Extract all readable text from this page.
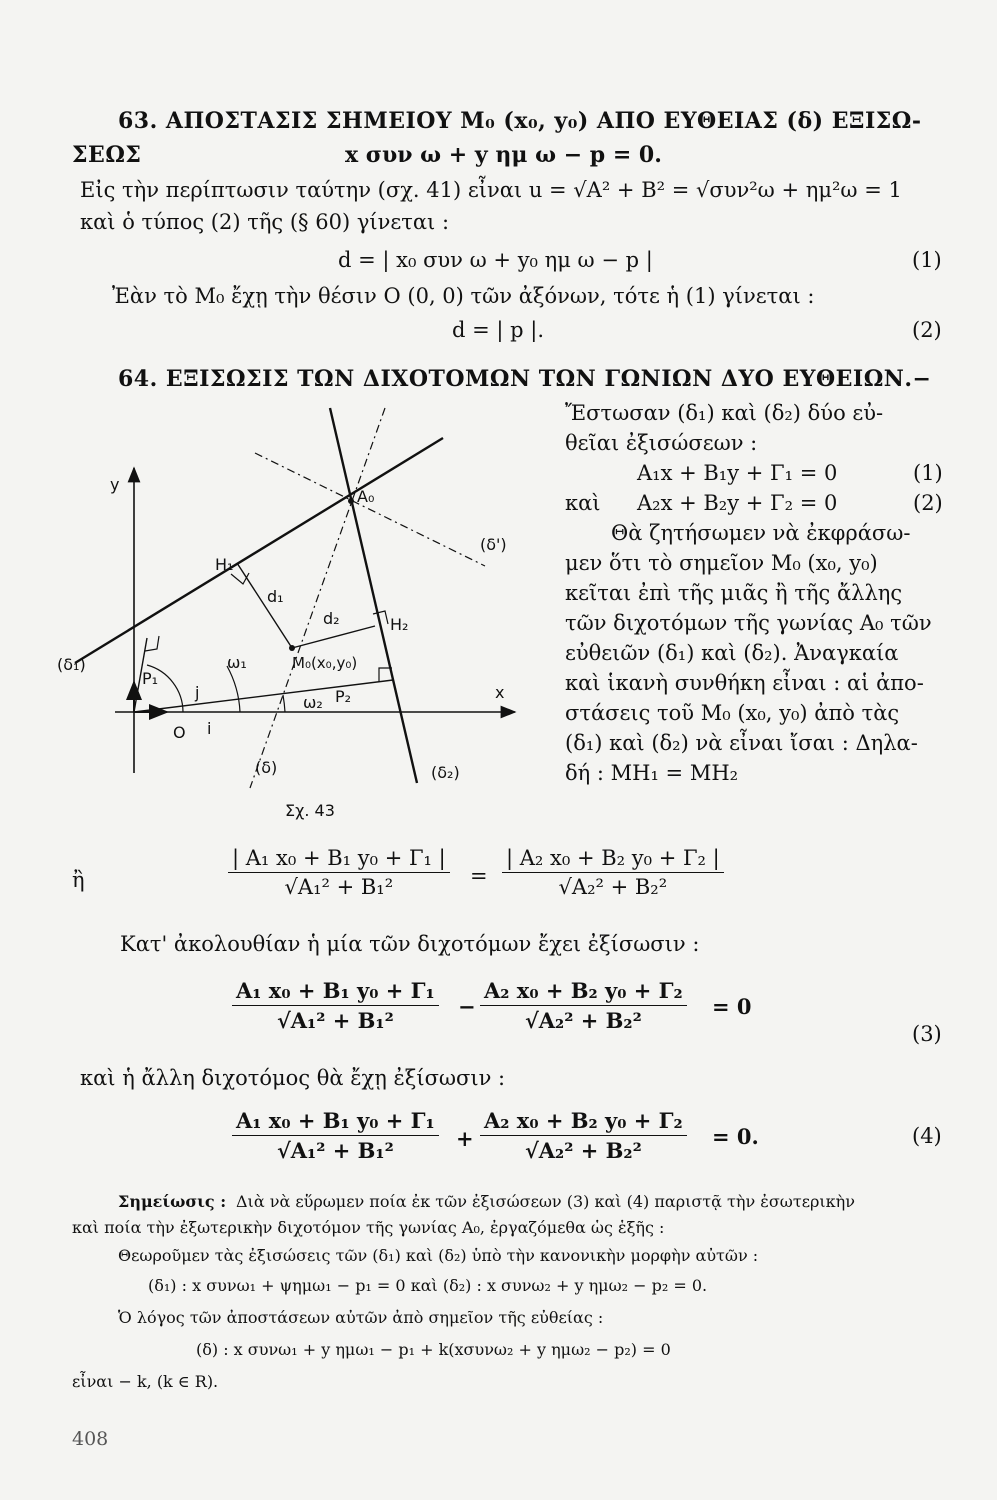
63. ΑΠΟΣΤΑΣΙΣ ΣΗΜΕΙΟΥ M₀ (x₀, y₀) ΑΠΟ ΕΥΘΕΙΑΣ (δ) ΕΞΙΣΩ-
ΣΕΩΣ	x συν ω + y ημ ω − p = 0.
Εἰς τὴν περίπτωσιν ταύτην (σχ. 41) εἶναι u = √A² + B² = √συν²ω + ημ²ω = 1
καὶ ὁ τύπος (2) τῆς (§ 60) γίνεται :
d = | x₀ συν ω + y₀ ημ ω − p |	(1)
Ἐὰν τὸ M₀ ἔχῃ τὴν θέσιν O (0, 0) τῶν ἀξόνων, τότε ἡ (1) γίνεται :
d = | p |.	(2)
64. ΕΞΙΣΩΣΙΣ ΤΩΝ ΔΙΧΟΤΟΜΩΝ ΤΩΝ ΓΩΝΙΩΝ ΔΥΟ ΕΥΘΕΙΩΝ.−

Ἔστωσαν (δ₁) καὶ (δ₂) δύο εὐ-

θεῖαι ἐξισώσεων :

A₁x + B₁y + Γ₁ = 0	(1)
καὶ A₂x + B₂y + Γ₂ = 0	(2)

Θὰ ζητήσωμεν νὰ ἐκφράσω-

μεν ὅτι τὸ σημεῖον M₀ (x₀, y₀)

κεῖται ἐπὶ τῆς μιᾶς ἢ τῆς ἄλλης

τῶν διχοτόμων τῆς γωνίας A₀ τῶν

εὐθειῶν (δ₁) καὶ (δ₂). Ἀναγκαία

καὶ ἱκανὴ συνθήκη εἶναι : αἱ ἀπο-

στάσεις τοῦ M₀ (x₀, y₀) ἀπὸ τὰς

(δ₁) καὶ (δ₂) νὰ εἶναι ἴσαι : Δηλα-

δή : MH₁ = MH₂

y
x
A₀
(δ')
H₁
d₁
d₂	H₂
(δ₁)
P₁
ω₁	M₀(x₀,y₀)
j
ω₂ P₂
O i
(δ)	(δ₂)
Σχ. 43
ἢ	$\frac{\text{| A₁ x₀ + B₁ y₀ + Γ₁ |}}{\text{√A₁² + B₁²}} = \frac{\text{| A₂ x₀ + B₂ y₀ + Γ₂ |}}{\text{√A₂² + B₂²}}$
Κατ' ἀκολουθίαν ἡ μία τῶν διχοτόμων ἔχει ἐξίσωσιν :
$\frac{\text{A₁ x₀ + B₁ y₀ + Γ₁}}{\text{√A₁² + B₁²}} - \frac{\text{A₂ x₀ + B₂ y₀ + Γ₂}}{\text{√A₂² + B₂²}} = 0$
(3)
καὶ ἡ ἄλλη διχοτόμος θὰ ἔχῃ ἐξίσωσιν :
$\frac{\text{A₁ x₀ + B₁ y₀ + Γ₁}}{\text{√A₁² + B₁²}} + \frac{\text{A₂ x₀ + B₂ y₀ + Γ₂}}{\text{√A₂² + B₂²}} = 0$.	(4)
Σημείωσις : Διὰ νὰ εὕρωμεν ποία ἐκ τῶν ἐξισώσεων (3) καὶ (4) παριστᾷ τὴν ἐσωτερικὴν
καὶ ποία τὴν ἐξωτερικὴν διχοτόμον τῆς γωνίας A₀, ἐργαζόμεθα ὡς ἑξῆς :
Θεωροῦμεν τὰς ἐξισώσεις τῶν (δ₁) καὶ (δ₂) ὑπὸ τὴν κανονικὴν μορφὴν αὐτῶν :
(δ₁) : x συνω₁ + ψημω₁ − p₁ = 0 καὶ (δ₂) : x συνω₂ + y ημω₂ − p₂ = 0.
Ὁ λόγος τῶν ἀποστάσεων αὐτῶν ἀπὸ σημεῖον τῆς εὐθείας :
(δ) : x συνω₁ + y ημω₁ − p₁ + k(xσυνω₂ + y ημω₂ − p₂) = 0
εἶναι − k, (k ∈ R).
408
